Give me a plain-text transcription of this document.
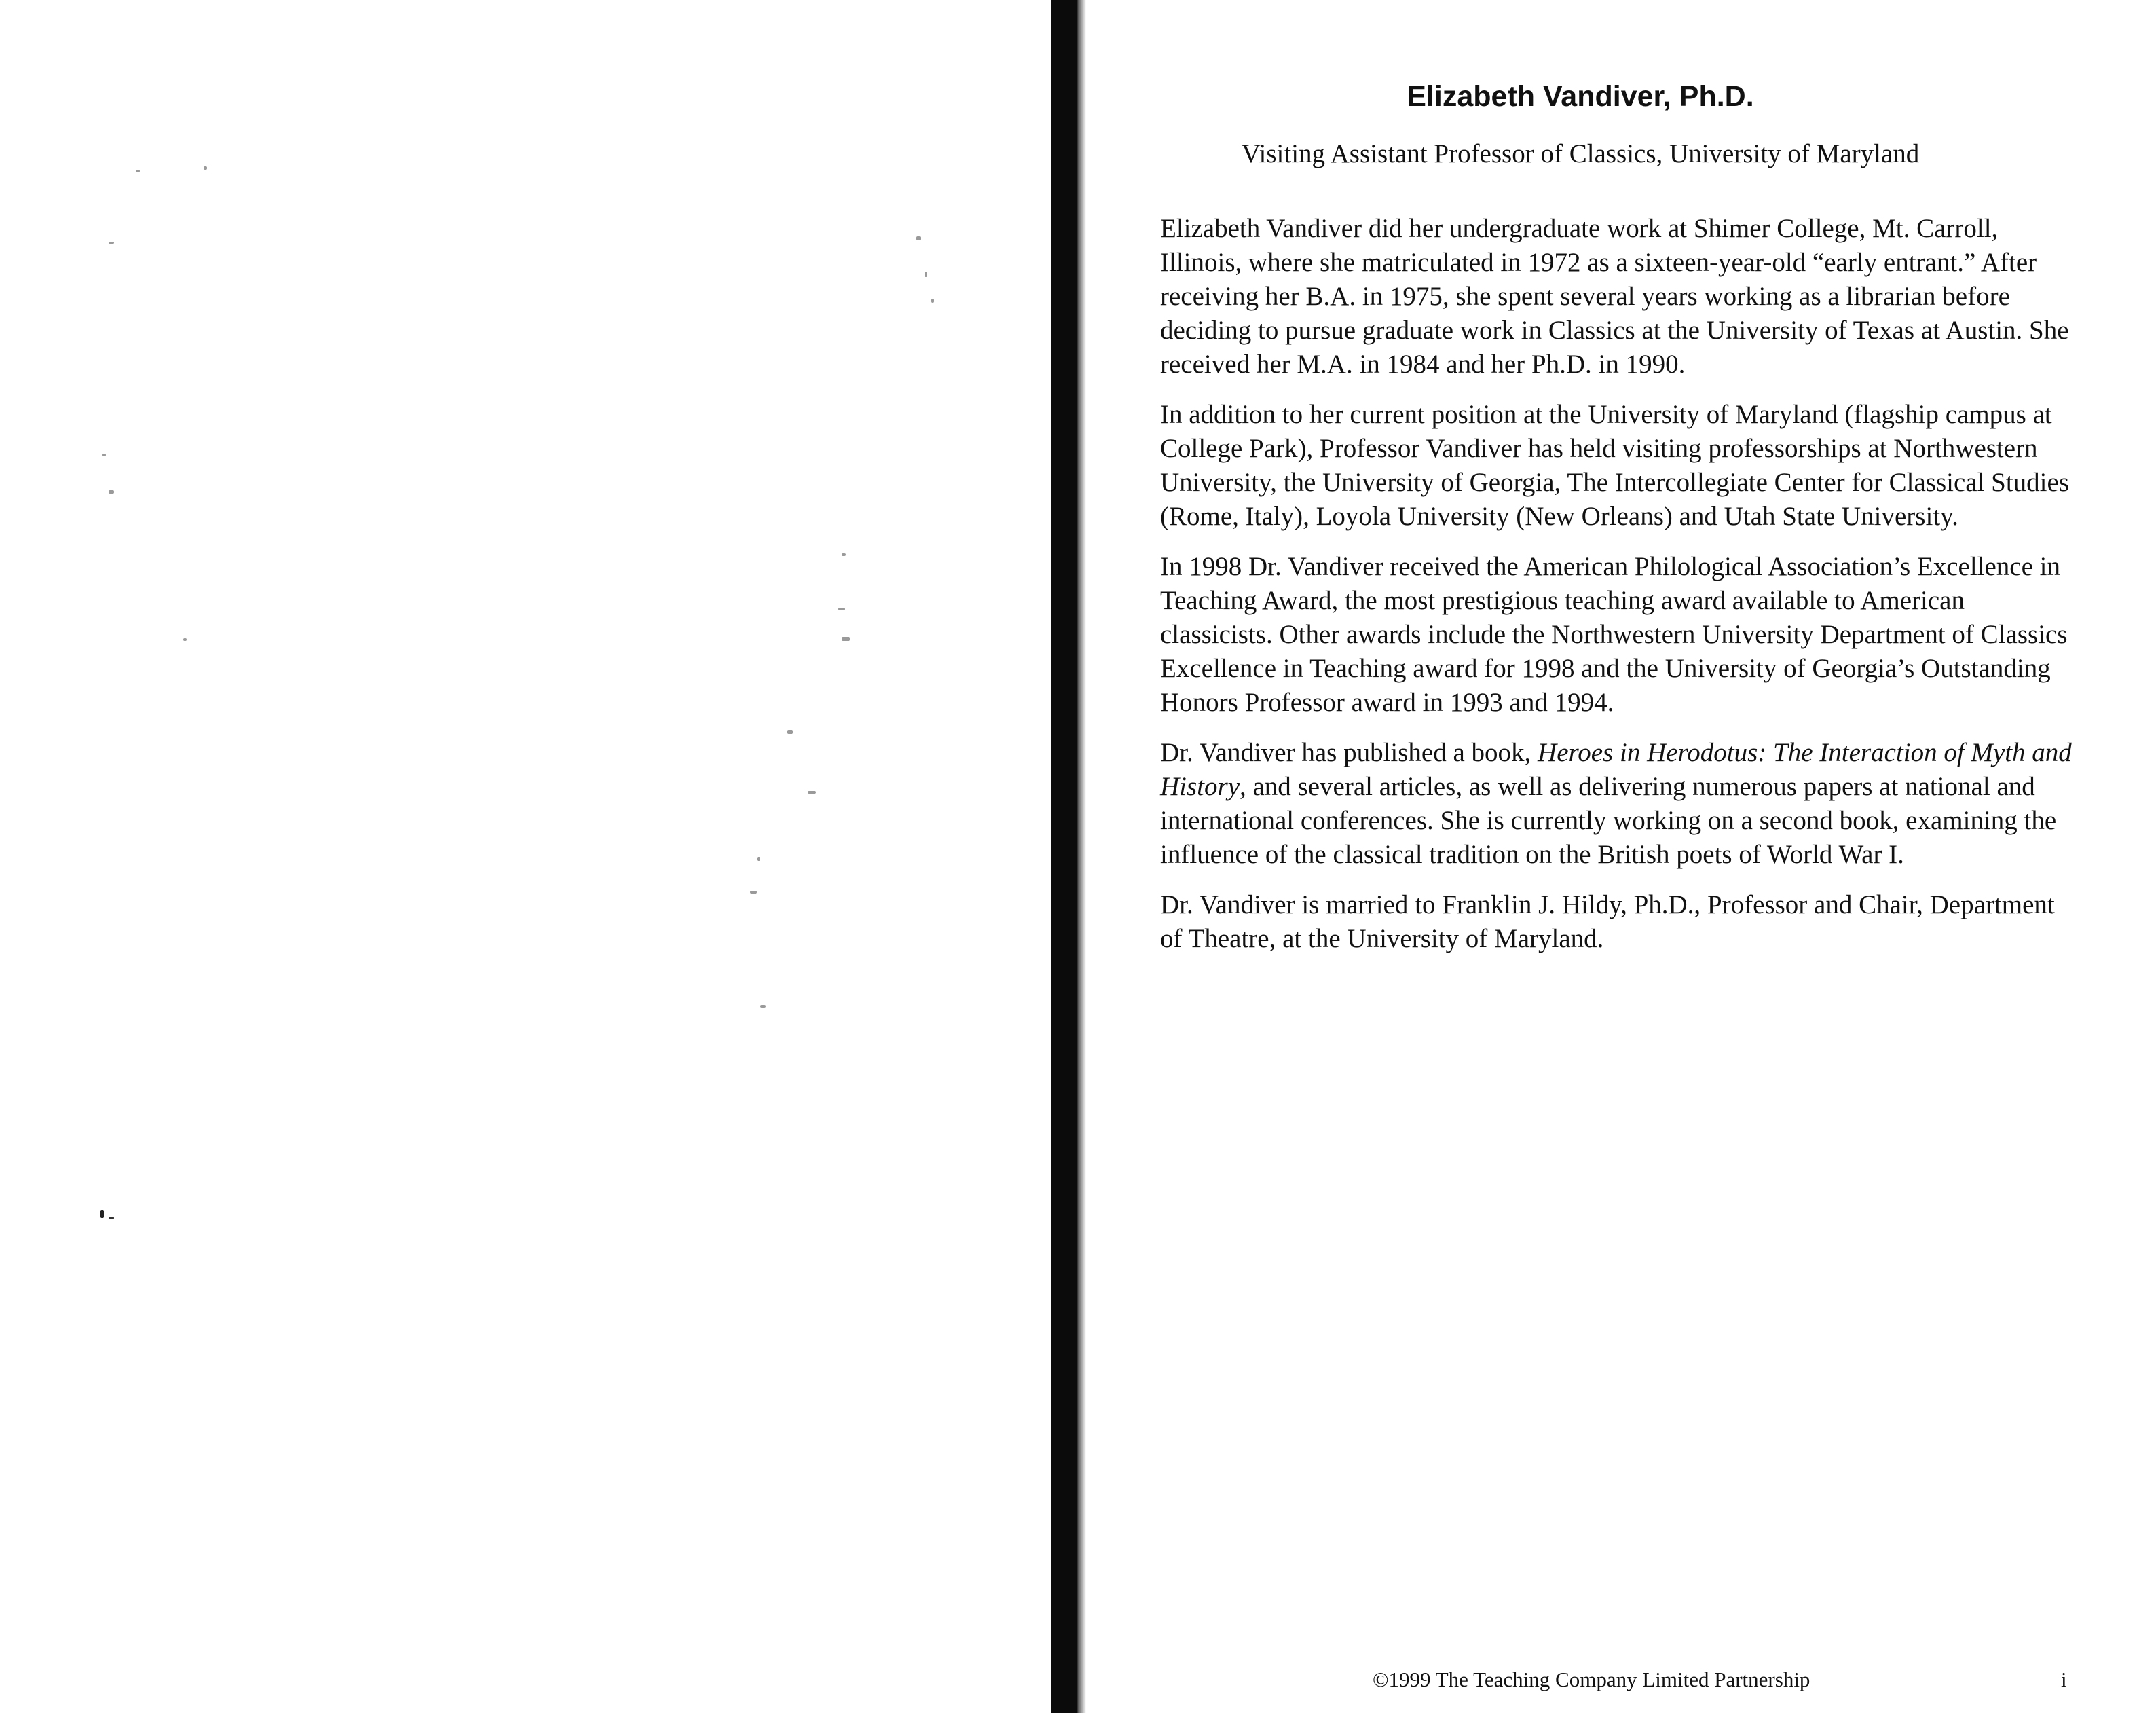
Elizabeth Vandiver, Ph.D.

Visiting Assistant Professor of Classics, University of Maryland

Elizabeth Vandiver did her undergraduate work at Shimer College, Mt. Carroll, Illinois, where she matriculated in 1972 as a sixteen-year-old “early entrant.” After receiving her B.A. in 1975, she spent several years working as a librarian before deciding to pursue graduate work in Classics at the University of Texas at Austin. She received her M.A. in 1984 and her Ph.D. in 1990.

In addition to her current position at the University of Maryland (flagship campus at College Park), Professor Vandiver has held visiting professorships at Northwestern University, the University of Georgia, The Intercollegiate Center for Classical Studies (Rome, Italy), Loyola University (New Orleans) and Utah State University.

In 1998 Dr. Vandiver received the American Philological Association’s Excellence in Teaching Award, the most prestigious teaching award available to American classicists. Other awards include the Northwestern University Department of Classics Excellence in Teaching award for 1998 and the University of Georgia’s Outstanding Honors Professor award in 1993 and 1994.

Dr. Vandiver has published a book, Heroes in Herodotus: The Interaction of Myth and History, and several articles, as well as delivering numerous papers at national and international conferences. She is currently working on a second book, examining the influence of the classical tradition on the British poets of World War I.

Dr. Vandiver is married to Franklin J. Hildy, Ph.D., Professor and Chair, Department of Theatre, at the University of Maryland.

©1999 The Teaching Company Limited Partnership	i
